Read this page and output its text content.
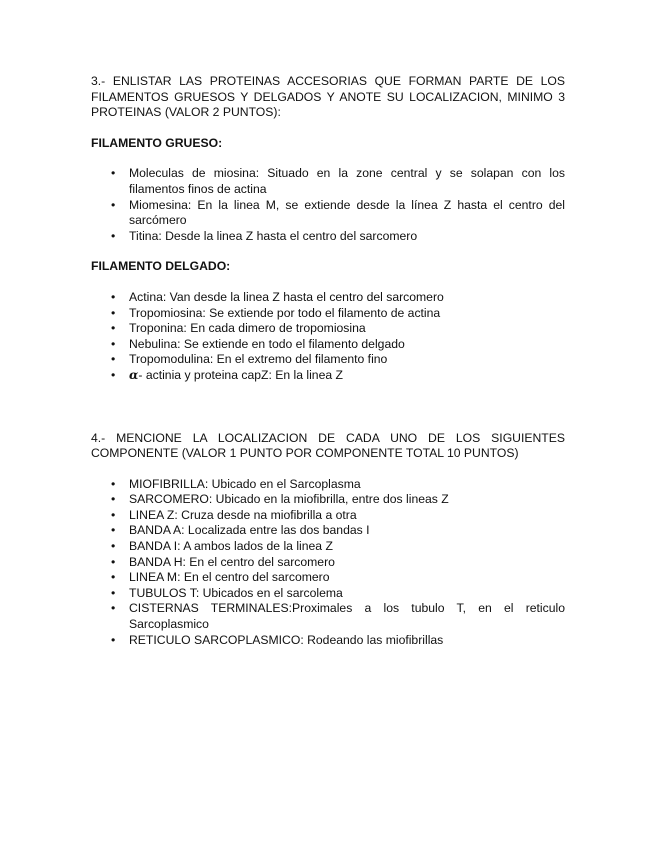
3.- ENLISTAR LAS PROTEINAS ACCESORIAS QUE FORMAN PARTE DE LOS FILAMENTOS GRUESOS Y DELGADOS Y ANOTE SU LOCALIZACION, MINIMO 3 PROTEINAS (VALOR 2 PUNTOS):

FILAMENTO GRUESO:

• Moleculas de miosina: Situado en la zone central y se solapan con los filamentos finos de actina
• Miomesina: En la linea M, se extiende desde la línea Z hasta el centro del sarcómero
• Titina: Desde la linea Z hasta el centro del sarcomero

FILAMENTO DELGADO:

• Actina: Van desde la linea Z hasta el centro del sarcomero
• Tropomiosina: Se extiende por todo el filamento de actina
• Troponina: En cada dimero de tropomiosina
• Nebulina: Se extiende en todo el filamento delgado
• Tropomodulina: En el extremo del filamento fino
• α- actinia y proteina capZ: En la linea Z

4.- MENCIONE LA LOCALIZACION DE CADA UNO DE LOS SIGUIENTES COMPONENTE (VALOR 1 PUNTO POR COMPONENTE TOTAL 10 PUNTOS)

• MIOFIBRILLA: Ubicado en el Sarcoplasma
• SARCOMERO: Ubicado en la miofibrilla, entre dos lineas Z
• LINEA Z: Cruza desde na miofibrilla a otra
• BANDA A: Localizada entre las dos bandas I
• BANDA I: A ambos lados de la linea Z
• BANDA H: En el centro del sarcomero
• LINEA M: En el centro del sarcomero
• TUBULOS T: Ubicados en el sarcolema
• CISTERNAS TERMINALES:Proximales a los tubulo T, en el reticulo Sarcoplasmico
• RETICULO SARCOPLASMICO: Rodeando las miofibrillas
